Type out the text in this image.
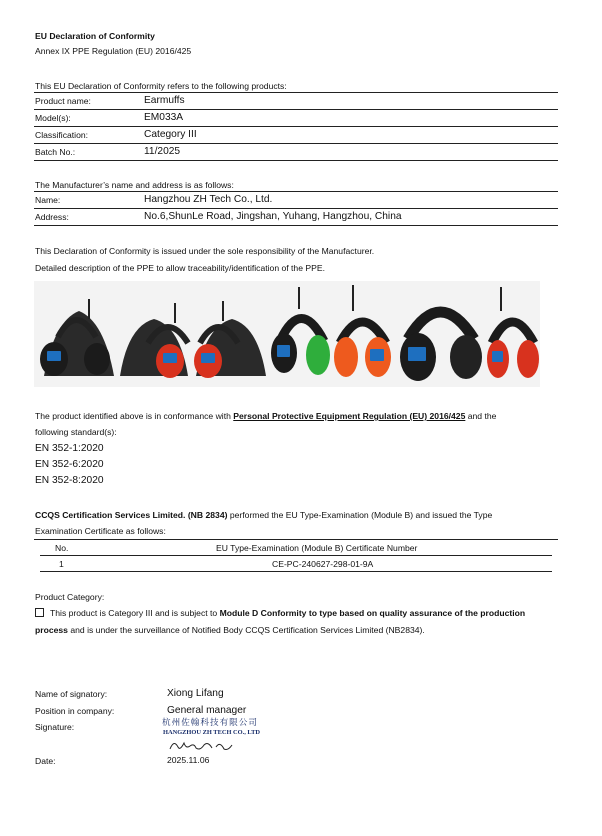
EU Declaration of Conformity
Annex IX PPE Regulation (EU) 2016/425
This EU Declaration of Conformity refers to the following products:
Product name:	Earmuffs
Model(s):	EM033A
Classification:	Category III
Batch No.:	11/2025
The Manufacturer’s name and address is as follows:
Name:	Hangzhou ZH Tech Co., Ltd.
Address:	No.6,ShunLe Road, Jingshan, Yuhang, Hangzhou, China
This Declaration of Conformity is issued under the sole responsibility of the Manufacturer.
Detailed description of the PPE to allow traceability/identification of the PPE.
The product identified above is in conformance with Personal Protective Equipment Regulation (EU) 2016/425 and the
following standard(s):
EN 352-1:2020
EN 352-6:2020
EN 352-8:2020
CCQS Certification Services Limited. (NB 2834) performed the EU Type-Examination (Module B) and issued the Type
Examination Certificate as follows:
No.	EU Type-Examination (Module B) Certificate Number
1	CE-PC-240627-298-01-9A
Product Category:
This product is Category III and is subject to Module D Conformity to type based on quality assurance of the production
process and is under the surveillance of Notified Body CCQS Certification Services Limited (NB2834).
Name of signatory:	Xiong Lifang
Position in company:	General manager
Signature:	杭州佐翰科技有限公司
HANGZHOU ZH TECH CO., LTD
Date:	2025.11.06
